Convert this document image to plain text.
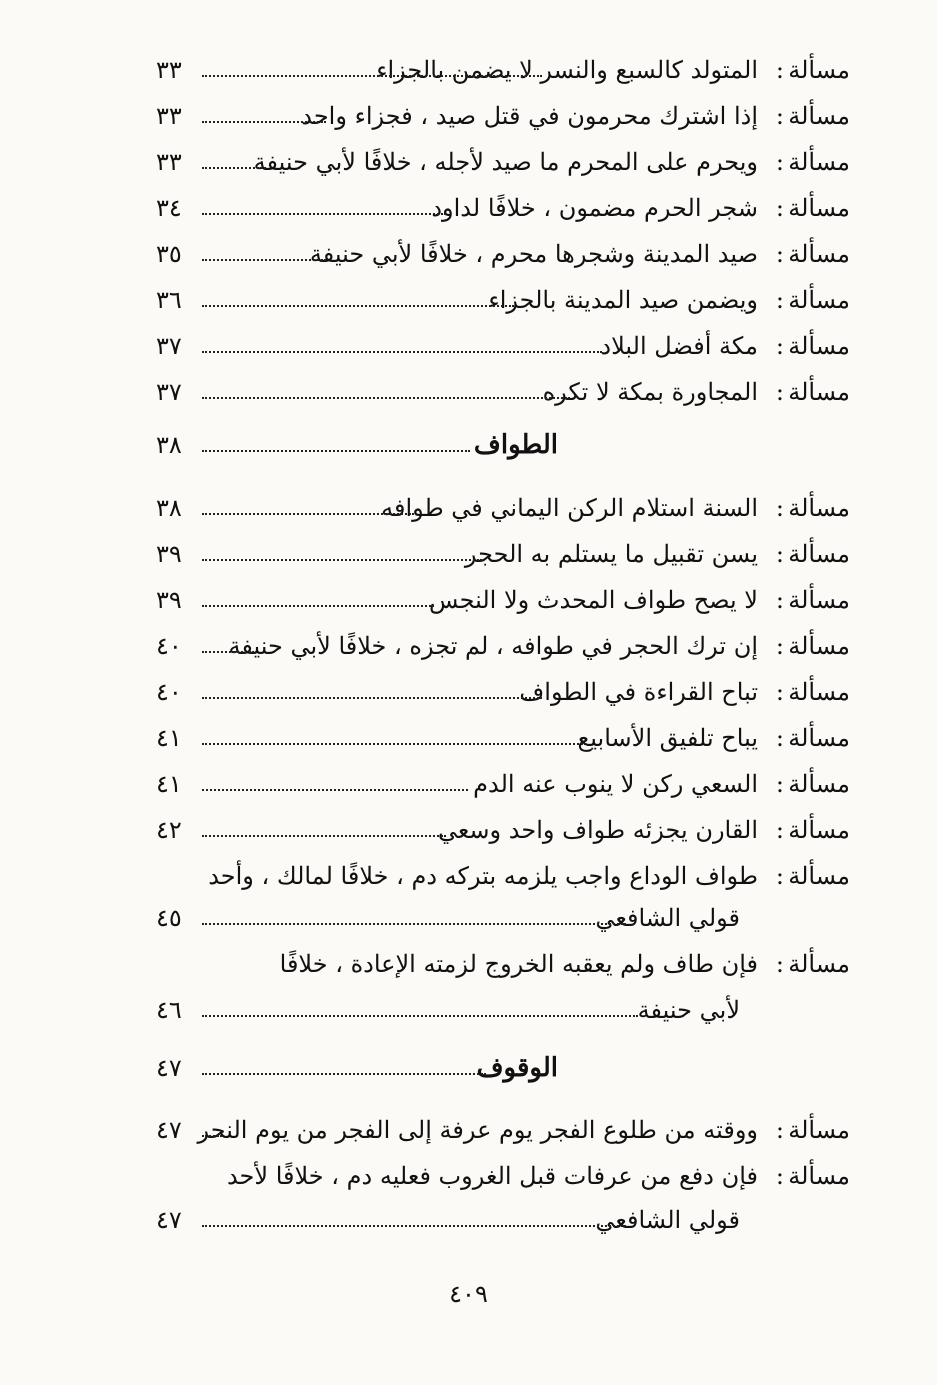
مسألة
:
المتولد كالسبع والنسر لا يضمن بالجزاء
٣٣
مسألة
:
إذا اشترك محرمون في قتل صيد ، فجزاء واحد
٣٣
مسألة
:
ويحرم على المحرم ما صيد لأجله ، خلافًا لأبي حنيفة
٣٣
مسألة
:
شجر الحرم مضمون ، خلافًا لداود
٣٤
مسألة
:
صيد المدينة وشجرها محرم ، خلافًا لأبي حنيفة
٣٥
مسألة
:
ويضمن صيد المدينة بالجزاء
٣٦
مسألة
:
مكة أفضل البلاد
٣٧
مسألة
:
المجاورة بمكة لا تكره
٣٧
الطواف
٣٨
مسألة
:
السنة استلام الركن اليماني في طوافه
٣٨
مسألة
:
يسن تقبيل ما يستلم به الحجر
٣٩
مسألة
:
لا يصح طواف المحدث ولا النجس
٣٩
مسألة
:
إن ترك الحجر في طوافه ، لم تجزه ، خلافًا لأبي حنيفة
٤٠
مسألة
:
تباح القراءة في الطواف
٤٠
مسألة
:
يباح تلفيق الأسابيع
٤١
مسألة
:
السعي ركن لا ينوب عنه الدم
٤١
مسألة
:
القارن يجزئه طواف واحد وسعي
٤٢
مسألة
:
طواف الوداع واجب يلزمه بتركه دم ، خلافًا لمالك ، وأحد
قولي الشافعي
٤٥
مسألة
:
فإن طاف ولم يعقبه الخروج لزمته الإعادة ، خلافًا
لأبي حنيفة
٤٦
الوقوف
٤٧
مسألة
:
ووقته من طلوع الفجر يوم عرفة إلى الفجر من يوم النحر
٤٧
مسألة
:
فإن دفع من عرفات قبل الغروب فعليه دم ، خلافًا لأحد
قولي الشافعي
٤٧
٤٠٩
